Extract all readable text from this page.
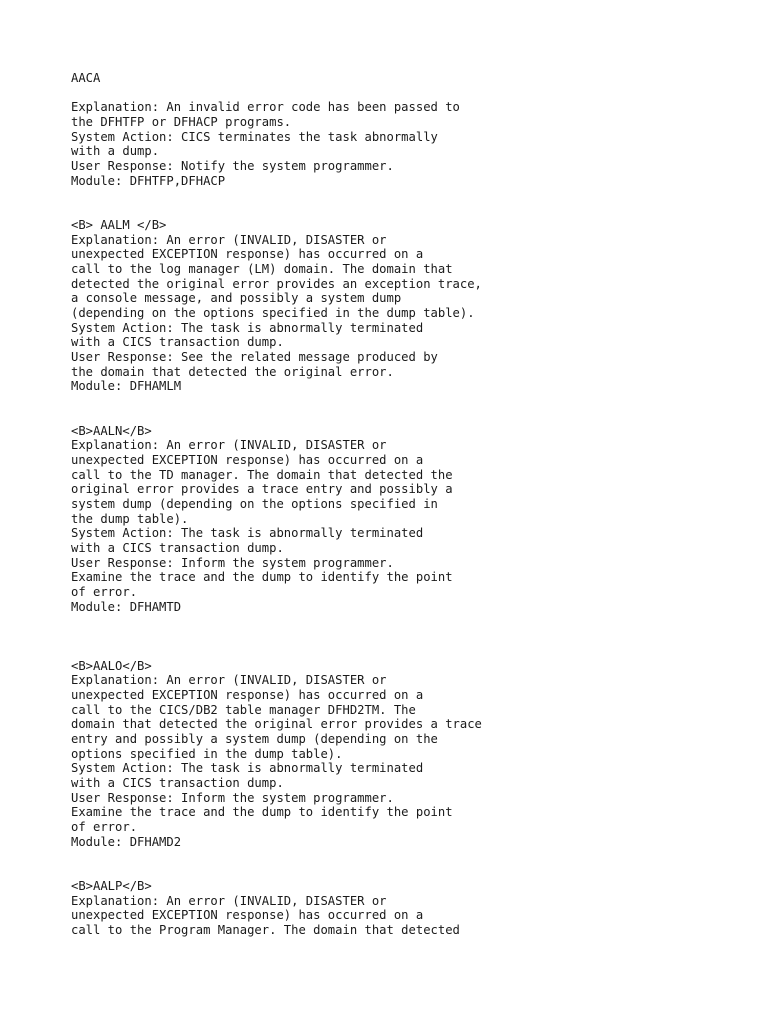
AACA
Explanation: An invalid error code has been passed to
the DFHTFP or DFHACP programs.
System Action: CICS terminates the task abnormally
with a dump.
User Response: Notify the system programmer.
Module: DFHTFP,DFHACP
<B> AALM </B>
Explanation: An error (INVALID, DISASTER or
unexpected EXCEPTION response) has occurred on a
call to the log manager (LM) domain. The domain that
detected the original error provides an exception trace,
a console message, and possibly a system dump
(depending on the options specified in the dump table).
System Action: The task is abnormally terminated
with a CICS transaction dump.
User Response: See the related message produced by
the domain that detected the original error.
Module: DFHAMLM
<B>AALN</B>
Explanation: An error (INVALID, DISASTER or
unexpected EXCEPTION response) has occurred on a
call to the TD manager. The domain that detected the
original error provides a trace entry and possibly a
system dump (depending on the options specified in
the dump table).
System Action: The task is abnormally terminated
with a CICS transaction dump.
User Response: Inform the system programmer.
Examine the trace and the dump to identify the point
of error.
Module: DFHAMTD
<B>AALO</B>
Explanation: An error (INVALID, DISASTER or
unexpected EXCEPTION response) has occurred on a
call to the CICS/DB2 table manager DFHD2TM. The
domain that detected the original error provides a trace
entry and possibly a system dump (depending on the
options specified in the dump table).
System Action: The task is abnormally terminated
with a CICS transaction dump.
User Response: Inform the system programmer.
Examine the trace and the dump to identify the point
of error.
Module: DFHAMD2
<B>AALP</B>
Explanation: An error (INVALID, DISASTER or
unexpected EXCEPTION response) has occurred on a
call to the Program Manager. The domain that detected
